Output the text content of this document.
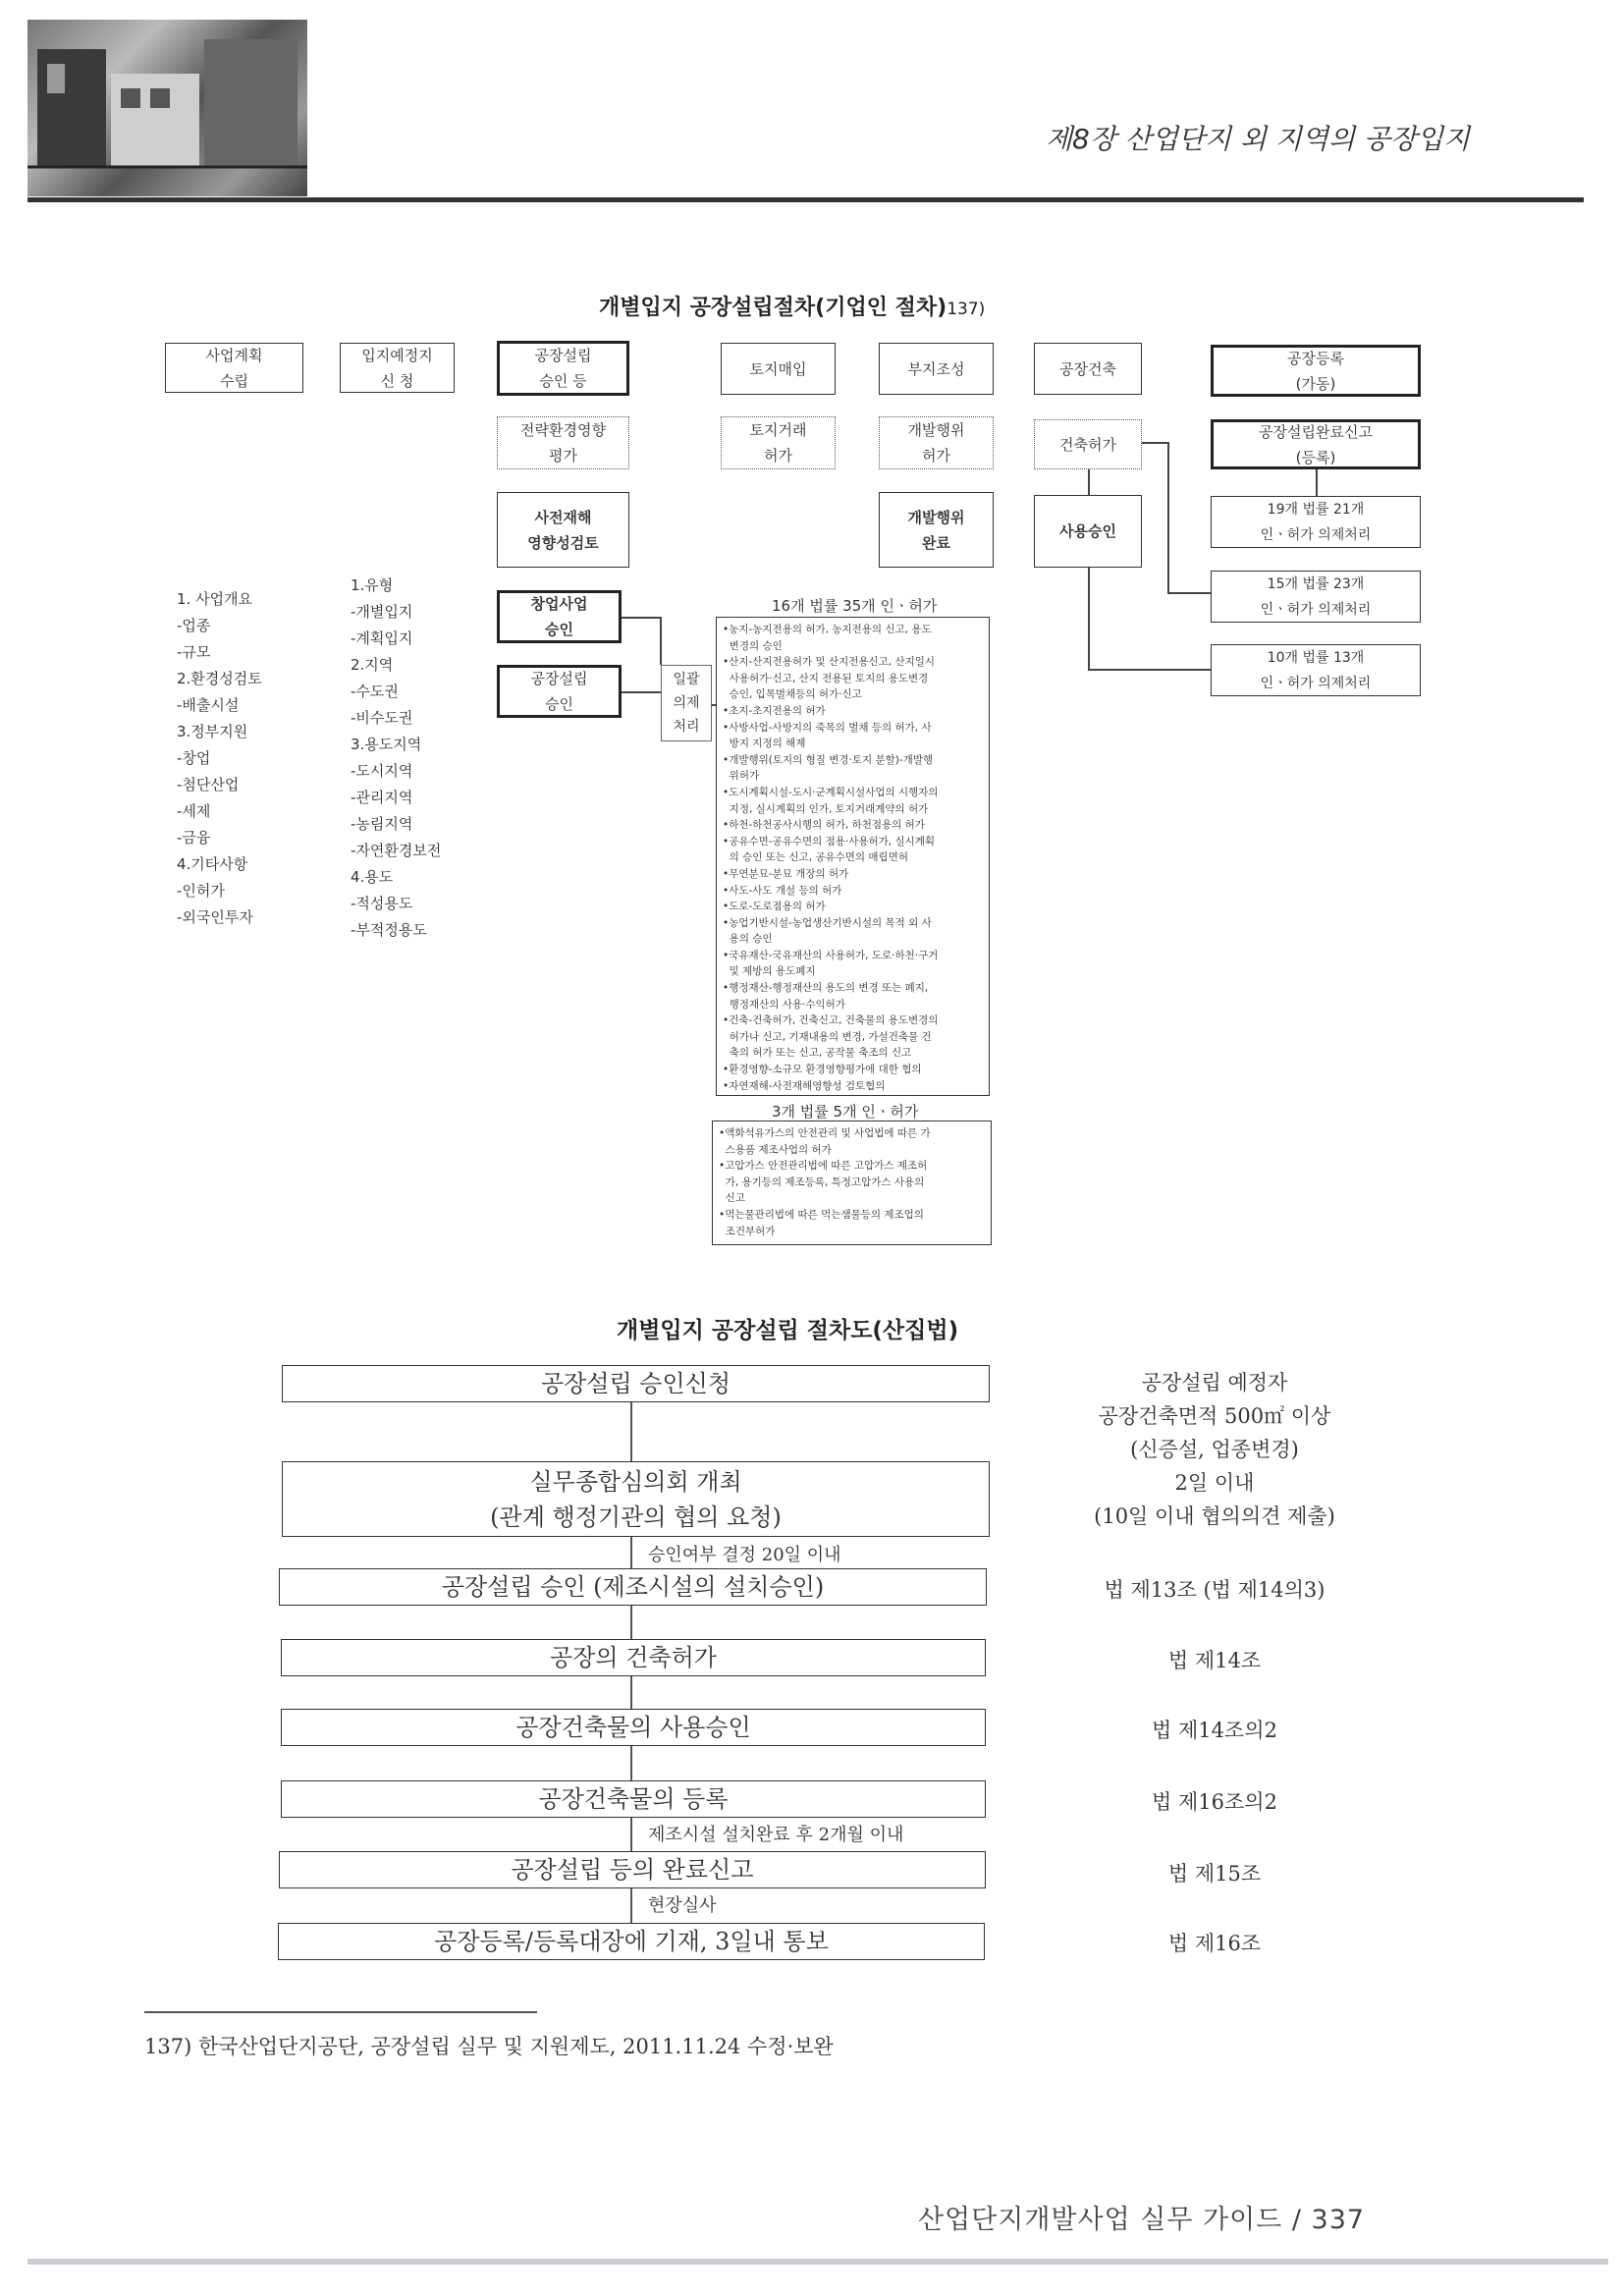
제8장 산업단지 외 지역의 공장입지
개별입지 공장설립절차(기업인 절차)137)
사업계획
수립
입지예정지
신 청
공장설립
승인 등
토지매입	부지조성	공장건축
공장등록
(가동)
전략환경영향
평가
토지거래
허가
개발행위
허가
건축허가
공장설립완료신고
(등록)
19개 법률 21개
인ㆍ허가 의제처리
사전재해
영향성검토
개발행위
완료
사용승인
15개 법률 23개
인ㆍ허가 의제처리
10개 법률 13개
인ㆍ허가 의제처리
창업사업
승인
공장설립
승인
일괄
의제
처리
1. 사업개요
-업종
-규모
2.환경성검토
-배출시설
3.정부지원
-창업
-첨단산업
-세제
-금융
4.기타사항
-인허가
-외국인투자
1.유형
-개별입지
-계획입지
2.지역
-수도권
-비수도권
3.용도지역
-도시지역
-관리지역
-농림지역
-자연환경보전
4.용도
-적성용도
-부적정용도
16개 법률 35개 인ㆍ허가
•농지-농지전용의 허가, 농지전용의 신고, 용도
변경의 승인
•산지-산지전용허가 및 산지전용신고, 산지일시
사용허가·신고, 산지 전용된 토지의 용도변경
승인, 입목벌채등의 허가·신고
•초지-초지전용의 허가
•사방사업-사방지의 죽목의 벌채 등의 허가, 사
방지 지정의 해제
•개발행위(토지의 형질 변경·토지 분할)-개발행
위허가
•도시계획시설-도시·군계획시설사업의 시행자의
지정, 실시계획의 인가, 토지거래계약의 허가
•하천-하천공사시행의 허가, 하천점용의 허가
•공유수면-공유수면의 점용·사용허가, 실시계획
의 승인 또는 신고, 공유수면의 매립면허
•무연분묘-분묘 개장의 허가
•사도-사도 개설 등의 허가
•도로-도로점용의 허가
•농업기반시설-농업생산기반시설의 목적 외 사
용의 승인
•국유재산-국유재산의 사용허가, 도로·하천·구거
및 제방의 용도폐지
•행정재산-행정재산의 용도의 변경 또는 폐지,
행정재산의 사용·수익허가
•건축-건축허가, 건축신고, 건축물의 용도변경의
허가나 신고, 기재내용의 변경, 가설건축물 건
축의 허가 또는 신고, 공작물 축조의 신고
•환경영향-소규모 환경영향평가에 대한 협의
•자연재해-사전재해영향성 검토협의
3개 법률 5개 인ㆍ허가
•액화석유가스의 안전관리 및 사업법에 따른 가
스용품 제조사업의 허가
•고압가스 안전관리법에 따른 고압가스 제조허
가, 용기등의 제조등록, 특정고압가스 사용의
신고
•먹는물관리법에 따른 먹는샘물등의 제조업의
조건부허가
개별입지 공장설립 절차도(산집법)
공장설립 승인신청
실무종합심의회 개최
(관계 행정기관의 협의 요청)
승인여부 결정 20일 이내
공장설립 승인 (제조시설의 설치승인)
공장의 건축허가
공장건축물의 사용승인
공장건축물의 등록
제조시설 설치완료 후 2개월 이내
공장설립 등의 완료신고
현장실사
공장등록/등록대장에 기재, 3일내 통보
공장설립 예정자
공장건축면적 500㎡ 이상
(신증설, 업종변경)
2일 이내
(10일 이내 협의의견 제출)
법 제13조 (법 제14의3)
법 제14조
법 제14조의2
법 제16조의2
법 제15조
법 제16조
137) 한국산업단지공단, 공장설립 실무 및 지원제도, 2011.11.24 수정·보완
산업단지개발사업 실무 가이드 / 337
